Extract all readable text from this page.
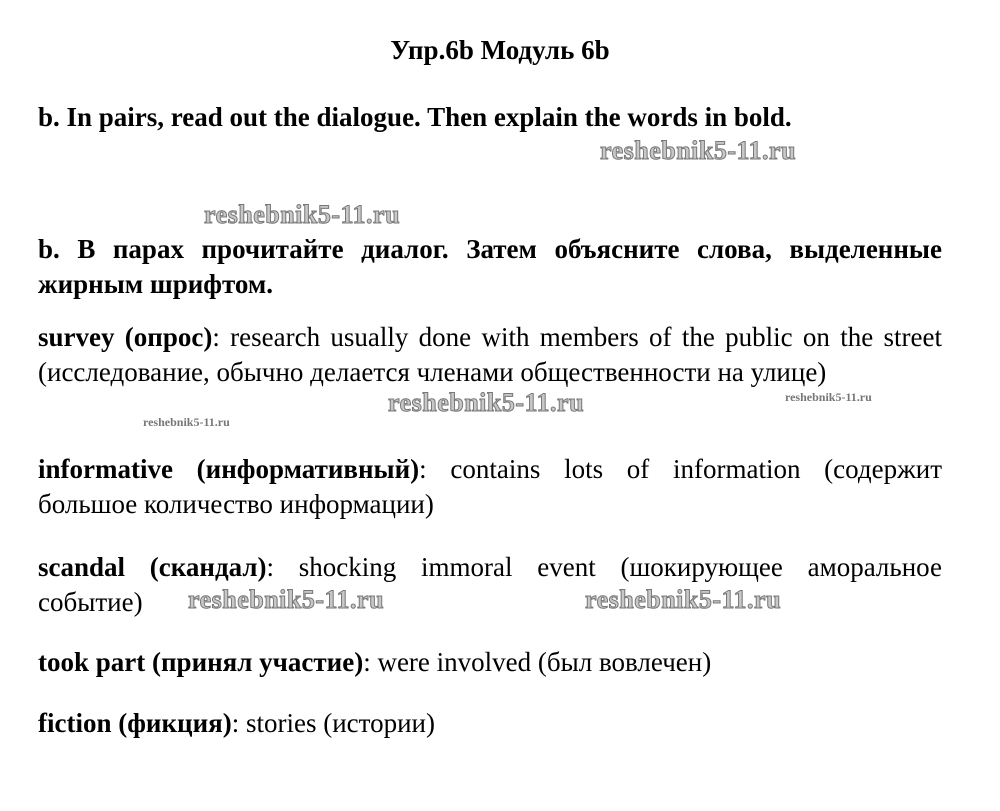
Упр.6b Модуль 6b
b. In pairs, read out the dialogue. Then explain the words in bold.
b. В парах прочитайте диалог. Затем объясните слова, выделенные жирным шрифтом.
survey (опрос): research usually done with members of the public on the street (исследование, обычно делается членами общественности на улице)
informative (информативный): contains lots of information (содержит большое количество информации)
scandal (скандал): shocking immoral event (шокирующее аморальное событие)
took part (принял участие): were involved (был вовлечен)
fiction (фикция): stories (истории)
reshebnik5-11.ru
reshebnik5-11.ru
reshebnik5-11.ru	reshebnik5-11.ru
reshebnik5-11.ru
reshebnik5-11.ru	reshebnik5-11.ru
